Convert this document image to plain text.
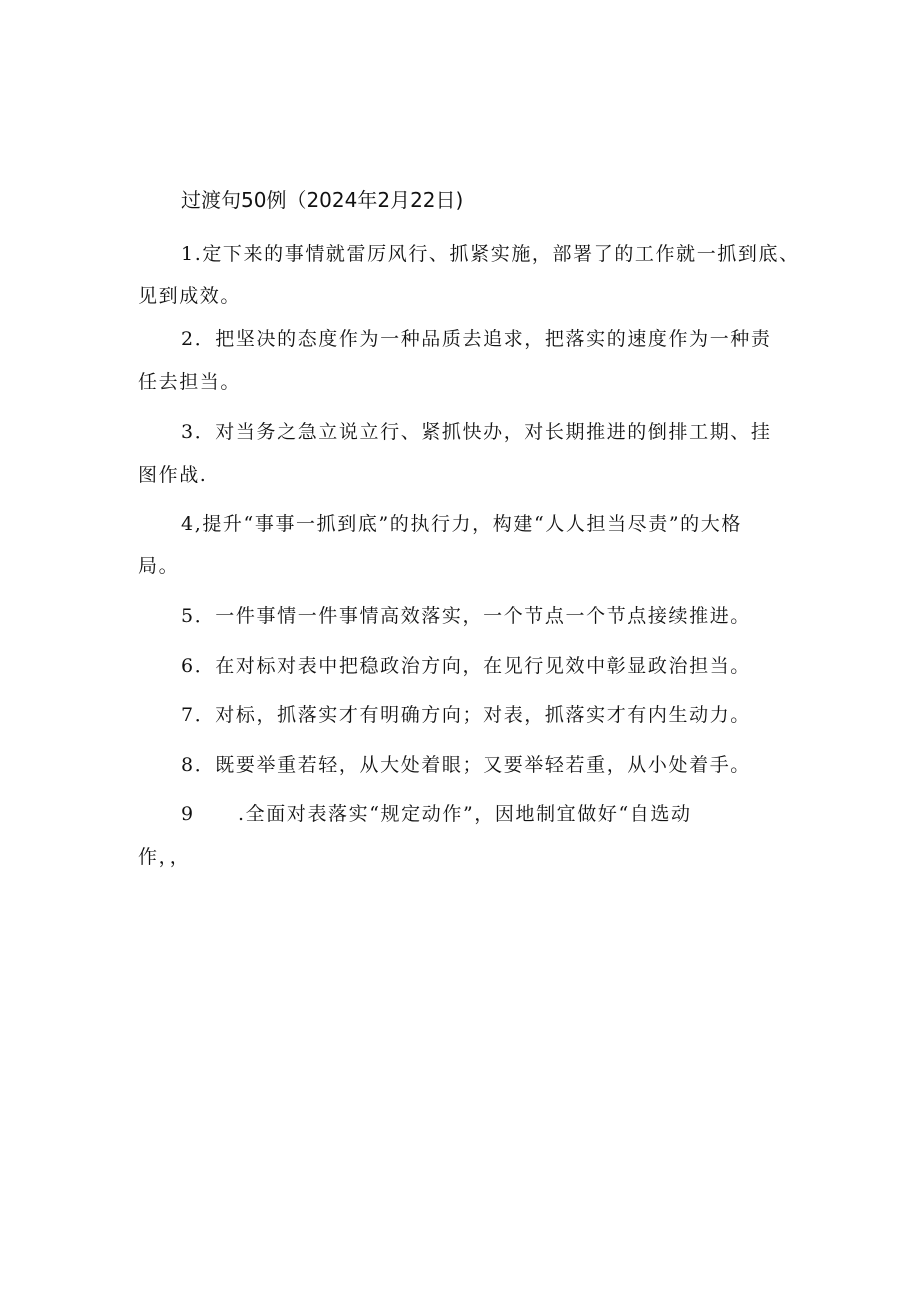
过渡句50例（2024年2月22日)
1.定下来的事情就雷厉风行、抓紧实施，部署了的工作就一抓到底、
见到成效。
2．把坚决的态度作为一种品质去追求，把落实的速度作为一种责
任去担当。
3．对当务之急立说立行、紧抓快办，对长期推进的倒排工期、挂
图作战.
4,提升“事事一抓到底”的执行力，构建“人人担当尽责”的大格
局。
5．一件事情一件事情高效落实，一个节点一个节点接续推进。
6．在对标对表中把稳政治方向，在见行见效中彰显政治担当。
7．对标，抓落实才有明确方向；对表，抓落实才有内生动力。
8．既要举重若轻，从大处着眼；又要举轻若重，从小处着手。
9 .全面对表落实“规定动作”，因地制宜做好“自选动
作，，
